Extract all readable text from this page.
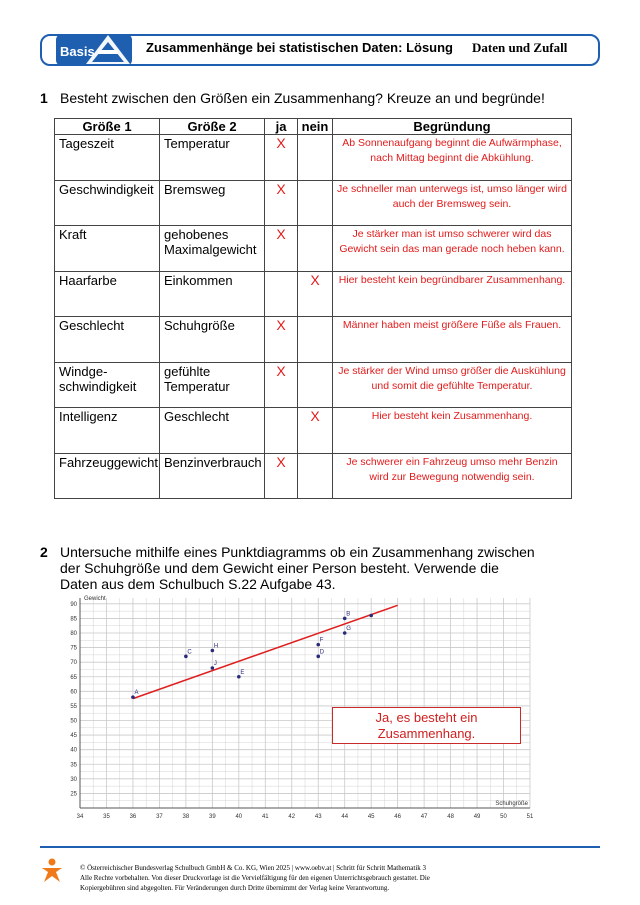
Basis	Zusammenhänge bei statistischen Daten: Lösung Daten und Zufall
1 Besteht zwischen den Größen ein Zusammenhang? Kreuze an und begründe!
Größe 1	Größe 2	ja	nein	Begründung
Tageszeit	Temperatur	X		Ab Sonnenaufgang beginnt die Aufwärmphase, nach Mittag beginnt die Abkühlung.
Geschwindigkeit	Bremsweg	X		Je schneller man unterwegs ist, umso länger wird auch der Bremsweg sein.
Kraft	gehobenes Maximalgewicht	X		Je stärker man ist umso schwerer wird das Gewicht sein das man gerade noch heben kann.
Haarfarbe	Einkommen		X	Hier besteht kein begründbarer Zusammenhang.
Geschlecht	Schuhgröße	X		Männer haben meist größere Füße als Frauen.
Windge-schwindigkeit	gefühlte Temperatur	X		Je stärker der Wind umso größer die Auskühlung und somit die gefühlte Temperatur.
Intelligenz	Geschlecht		X	Hier besteht kein Zusammenhang.
Fahrzeuggewicht	Benzinverbrauch	X		Je schwerer ein Fahrzeug umso mehr Benzin wird zur Bewegung notwendig sein.
2 Untersuche mithilfe eines Punktdiagramms ob ein Zusammenhang zwischen der Schuhgröße und dem Gewicht einer Person besteht. Verwende die Daten aus dem Schulbuch S.22 Aufgabe 43.
34	35	36	37	38	39	40	41	42	43	44	45	46	47	48	49	50	51
25
30
35
40
45
50
55
60
65
70
75
80
85
90
Gewicht
Schuhgröße
A
B
C	D
E
F
G
H
J
Ja, es besteht ein Zusammenhang.
© Österreichischer Bundesverlag Schulbuch GmbH & Co. KG, Wien 2025 | www.oebv.at | Schritt für Schritt Mathematik 3
Alle Rechte vorbehalten. Von dieser Druckvorlage ist die Vervielfältigung für den eigenen Unterrichtsgebrauch gestattet. Die
Kopiergebühren sind abgegolten. Für Veränderungen durch Dritte übernimmt der Verlag keine Verantwortung.
